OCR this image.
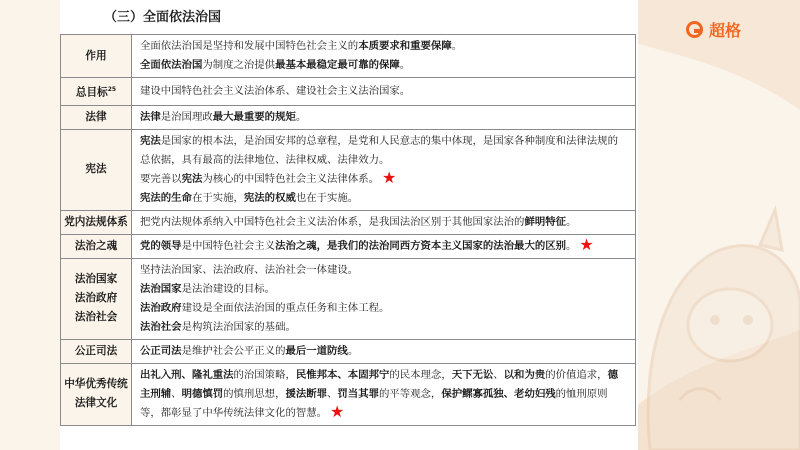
（三）全面依法治国
超格
作用	全面依法治国是坚持和发展中国特色社会主义的本质要求和重要保障。
全面依法治国为制度之治提供最基本最稳定最可靠的保障。

总目标$^{25}$	建设中国特色社会主义法治体系、建设社会主义法治国家。

法律	法律是治国理政最大最重要的规矩。

宪法	宪法是国家的根本法，是治国安邦的总章程，是党和人民意志的集中体现，是国家各种制度和法律法规的总依据，具有最高的法律地位、法律权威、法律效力。
要完善以宪法为核心的中国特色社会主义法律体系。 ★
宪法的生命在于实施，宪法的权威也在于实施。

党内法规体系	把党内法规体系纳入中国特色社会主义法治体系，是我国法治区别于其他国家法治的鲜明特征。

法治之魂	党的领导是中国特色社会主义法治之魂，是我们的法治同西方资本主义国家的法治最大的区别。 ★

法治国家
法治政府
法治社会	坚持法治国家、法治政府、法治社会一体建设。
法治国家是法治建设的目标。
法治政府建设是全面依法治国的重点任务和主体工程。
法治社会是构筑法治国家的基础。

公正司法	公正司法是维护社会公平正义的最后一道防线。

中华优秀传统
法律文化	出礼入刑、隆礼重法的治国策略，民惟邦本、本固邦宁的民本理念，天下无讼、以和为贵的价值追求，德主刑辅、明德慎罚的慎刑思想，援法断罪、罚当其罪的平等观念，保护鳏寡孤独、老幼妇残的恤刑原则等，都彰显了中华传统法律文化的智慧。 ★
